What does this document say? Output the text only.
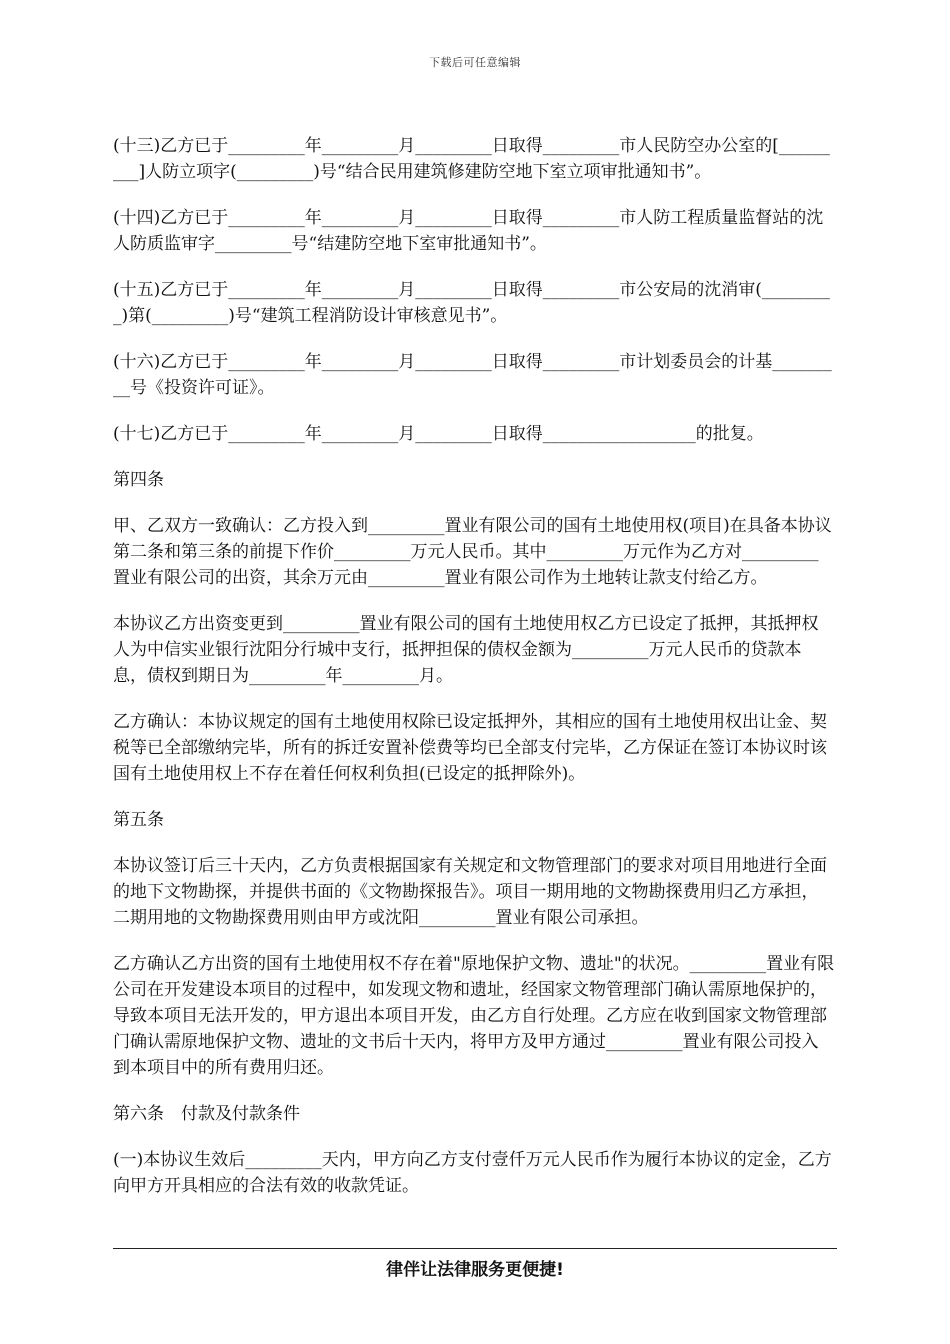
下载后可任意编辑

(十三)乙方已于_________年_________月_________日取得_________市人民防空办公室的[_________]人防立项字(_________)号“结合民用建筑修建防空地下室立项审批通知书”。

(十四)乙方已于_________年_________月_________日取得_________市人防工程质量监督站的沈人防质监审字_________号“结建防空地下室审批通知书”。

(十五)乙方已于_________年_________月_________日取得_________市公安局的沈消审(_________)第(_________)号“建筑工程消防设计审核意见书”。

(十六)乙方已于_________年_________月_________日取得_________市计划委员会的计基_________号《投资许可证》。

(十七)乙方已于_________年_________月_________日取得__________________的批复。

第四条

甲、乙双方一致确认：乙方投入到_________置业有限公司的国有土地使用权(项目)在具备本协议第二条和第三条的前提下作价_________万元人民币。其中_________万元作为乙方对_________置业有限公司的出资，其余万元由_________置业有限公司作为土地转让款支付给乙方。

本协议乙方出资变更到_________置业有限公司的国有土地使用权乙方已设定了抵押，其抵押权人为中信实业银行沈阳分行城中支行，抵押担保的债权金额为_________万元人民币的贷款本息，债权到期日为_________年_________月。

乙方确认：本协议规定的国有土地使用权除已设定抵押外，其相应的国有土地使用权出让金、契税等已全部缴纳完毕，所有的拆迁安置补偿费等均已全部支付完毕，乙方保证在签订本协议时该国有土地使用权上不存在着任何权利负担(已设定的抵押除外)。

第五条

本协议签订后三十天内，乙方负责根据国家有关规定和文物管理部门的要求对项目用地进行全面的地下文物勘探，并提供书面的《文物勘探报告》。项目一期用地的文物勘探费用归乙方承担，二期用地的文物勘探费用则由甲方或沈阳_________置业有限公司承担。

乙方确认乙方出资的国有土地使用权不存在着"原地保护文物、遗址"的状况。_________置业有限公司在开发建设本项目的过程中，如发现文物和遗址，经国家文物管理部门确认需原地保护的，导致本项目无法开发的，甲方退出本项目开发，由乙方自行处理。乙方应在收到国家文物管理部门确认需原地保护文物、遗址的文书后十天内，将甲方及甲方通过_________置业有限公司投入到本项目中的所有费用归还。

第六条　付款及付款条件

(一)本协议生效后_________天内，甲方向乙方支付壹仟万元人民币作为履行本协议的定金，乙方向甲方开具相应的合法有效的收款凭证。

律伴让法律服务更便捷!
